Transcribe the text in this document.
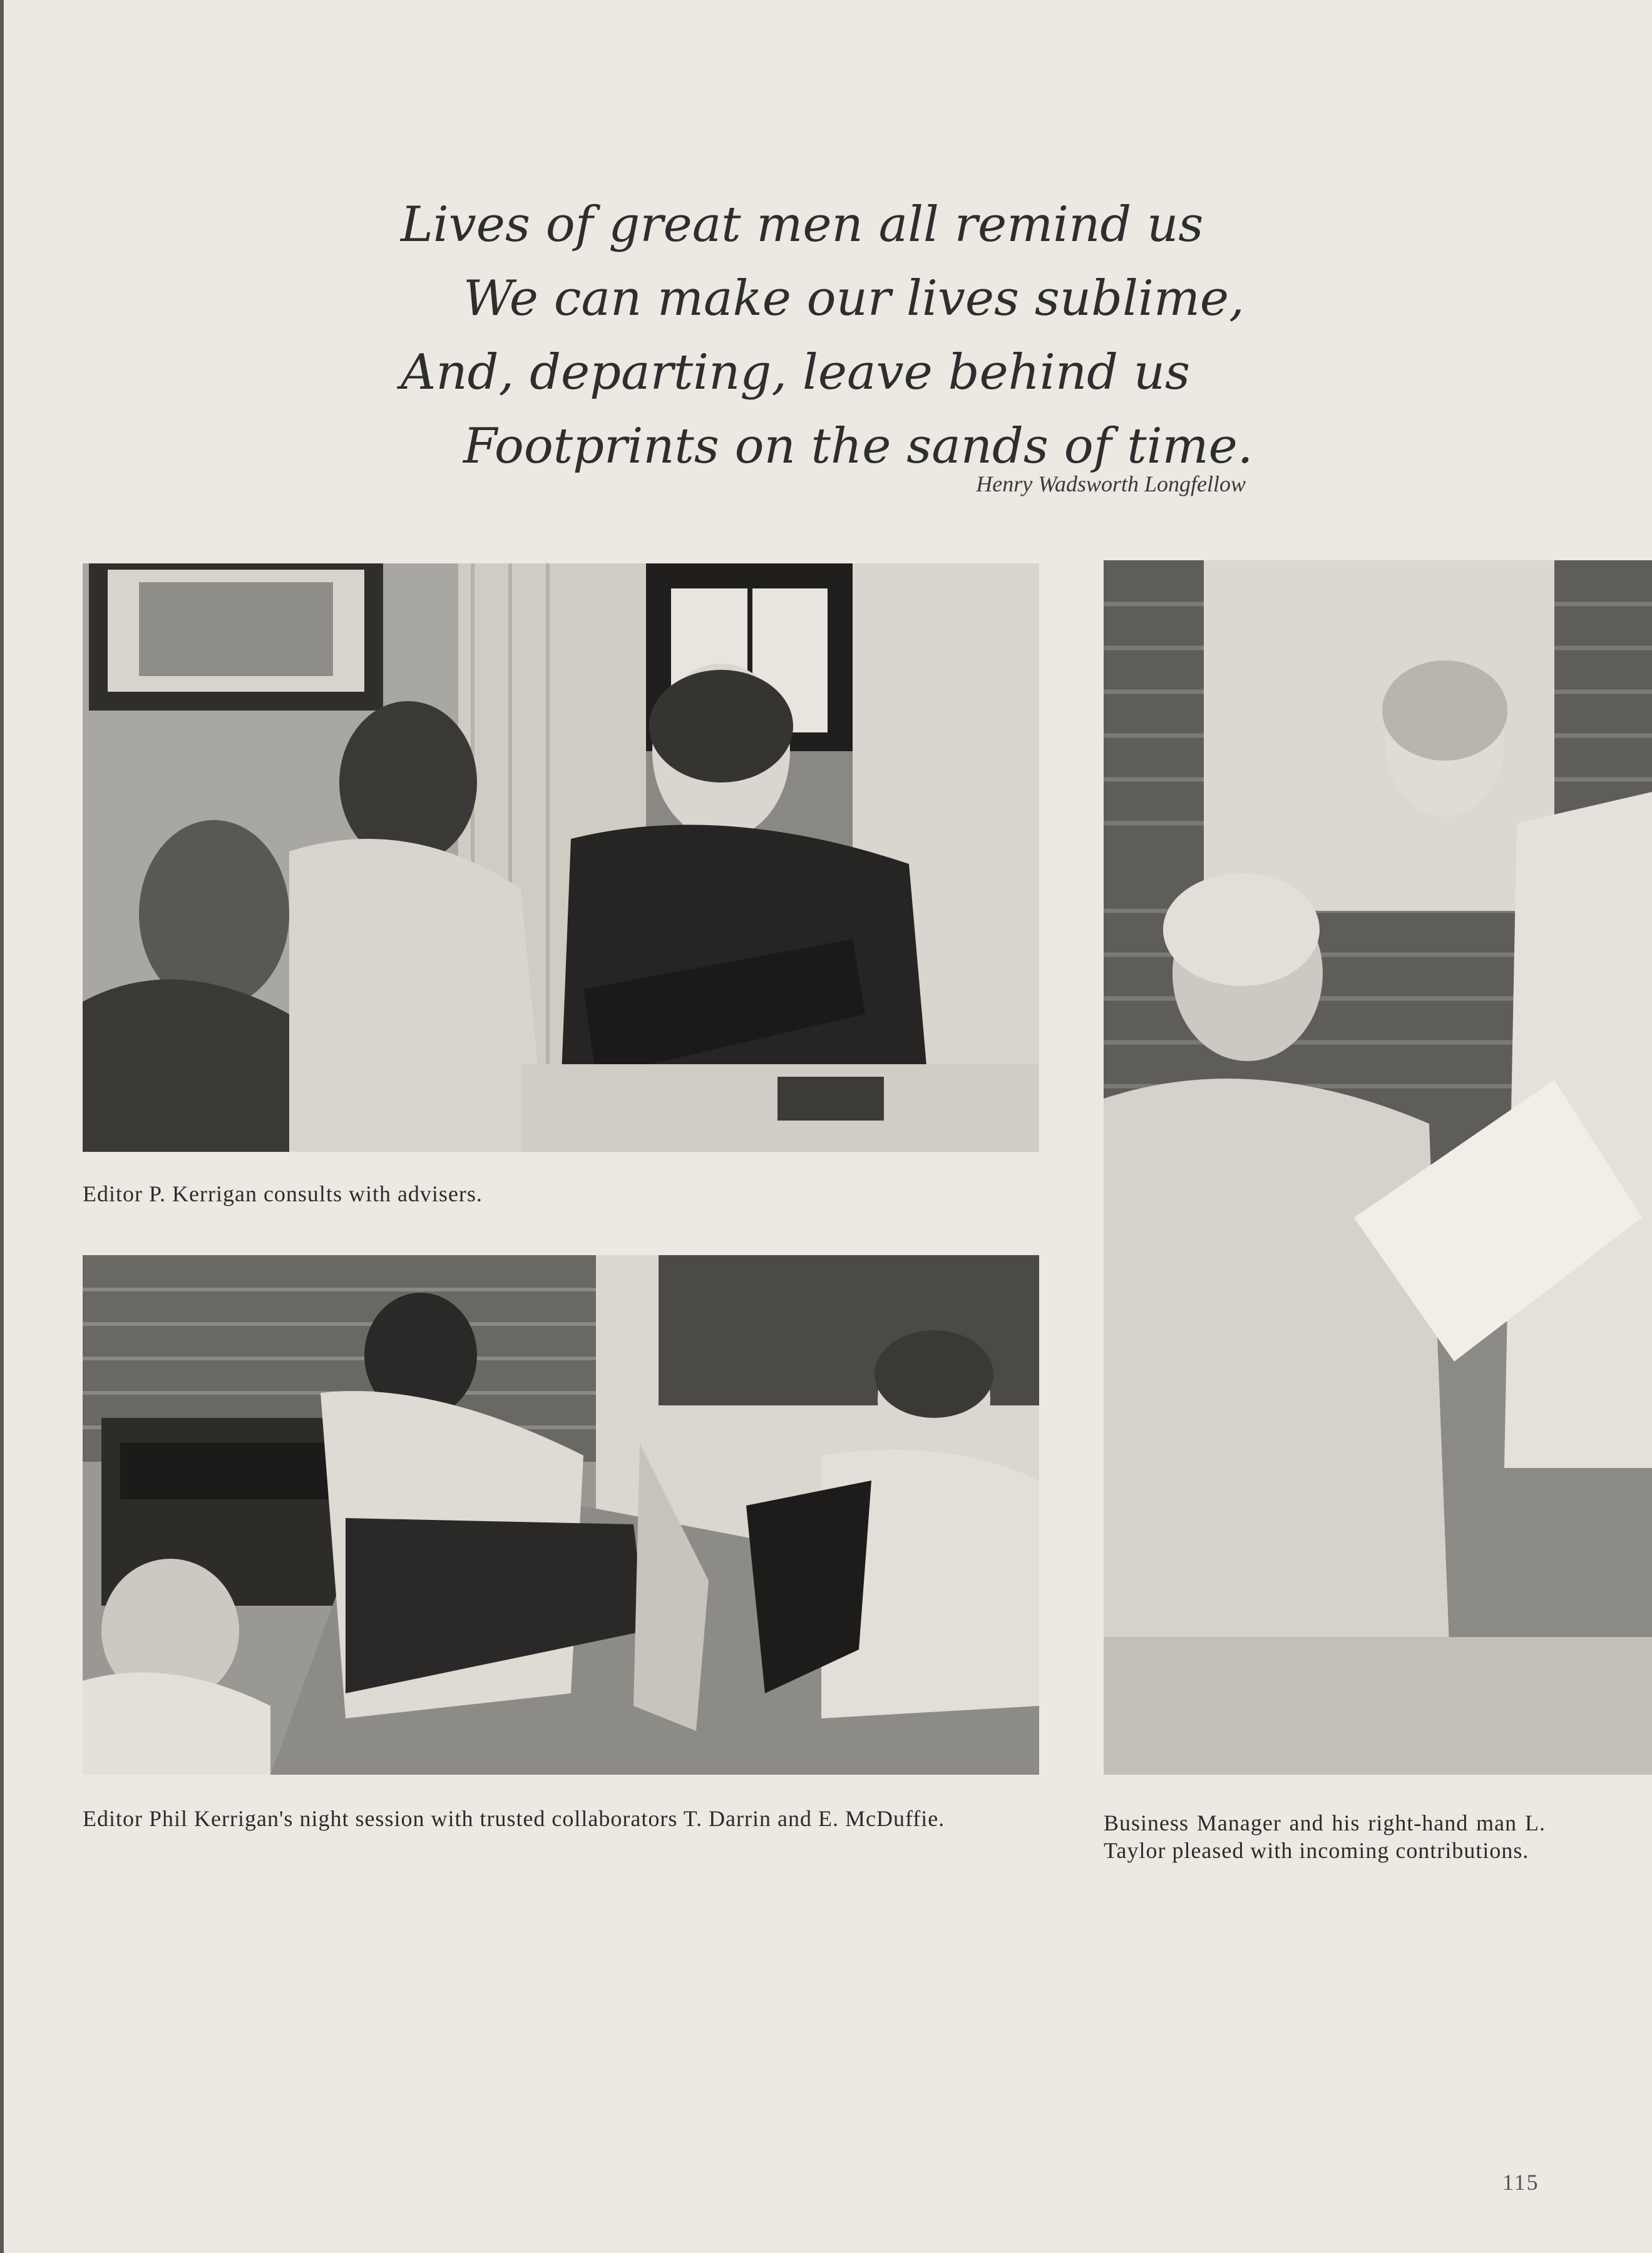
Lives of great men all remind us
We can make our lives sublime,
And, departing, leave behind us
Footprints on the sands of time.
Henry Wadsworth Longfellow
Editor P. Kerrigan consults with advisers.
Editor Phil Kerrigan's night session with trusted collaborators T. Darrin and E. McDuffie.	Business Manager and his right-hand man L. Taylor pleased with incoming contributions.
115
